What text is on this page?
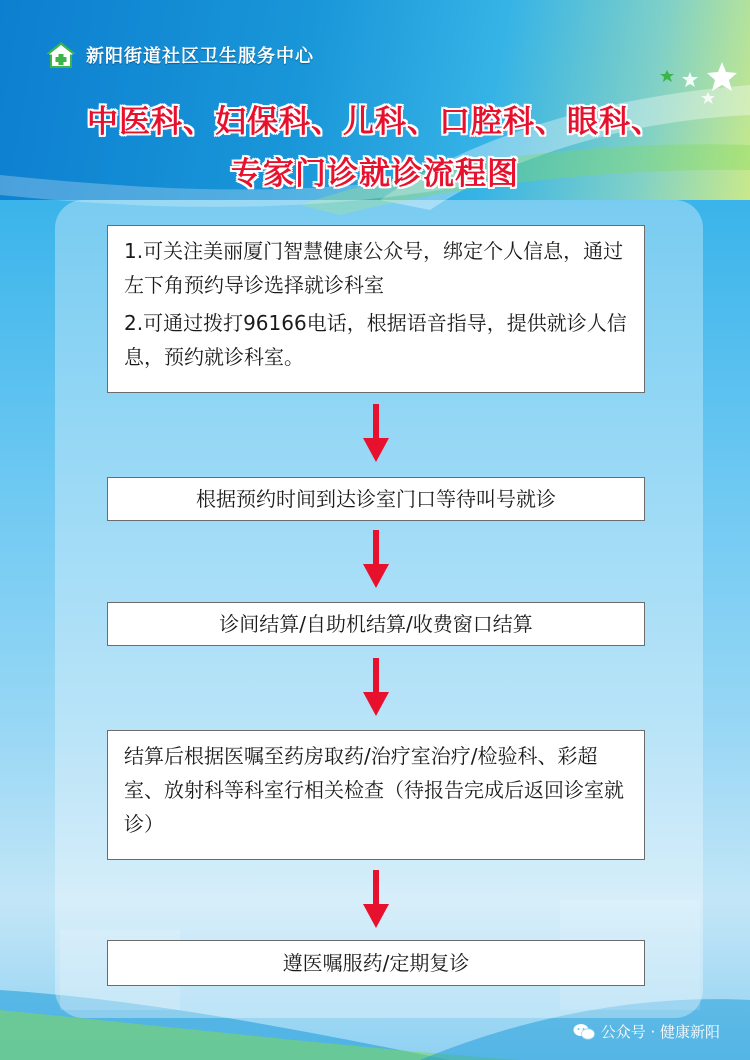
新阳街道社区卫生服务中心
中医科、妇保科、儿科、口腔科、眼科、
专家门诊就诊流程图

1.可关注美丽厦门智慧健康公众号，绑定个人信息，通过左下角预约导诊选择就诊科室

2.可通过拨打96166电话，根据语音指导，提供就诊人信息，预约就诊科室。

根据预约时间到达诊室门口等待叫号就诊
诊间结算/自助机结算/收费窗口结算
结算后根据医嘱至药房取药/治疗室治疗/检验科、彩超室、放射科等科室行相关检查（待报告完成后返回诊室就诊）
遵医嘱服药/定期复诊
公众号 · 健康新阳
